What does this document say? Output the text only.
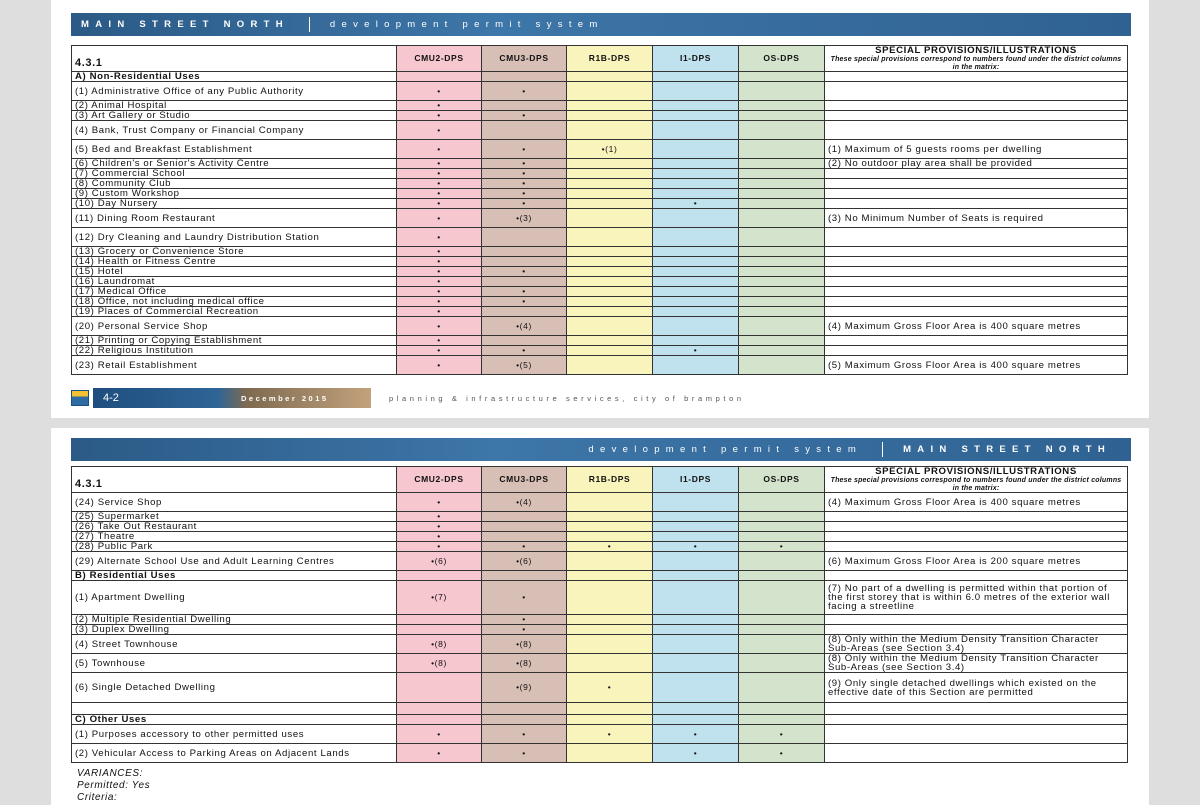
MAIN STREET NORTH	development permit system
4.3.1	CMU2-DPS	CMU3-DPS	R1B-DPS	I1-DPS	OS-DPS	SPECIAL PROVISIONS/ILLUSTRATIONS
These special provisions correspond to numbers found under the district columns in the matrix:

A) Non-Residential Uses						
(1) Administrative Office of any Public Authority	•	•				
(2) Animal Hospital	•					
(3) Art Gallery or Studio	•	•				
(4) Bank, Trust Company or Financial Company	•					
(5) Bed and Breakfast Establishment	•	•	•(1)			(1) Maximum of 5 guests rooms per dwelling
(6) Children's or Senior's Activity Centre	•	•				(2) No outdoor play area shall be provided
(7) Commercial School	•	•				
(8) Community Club	•	•				
(9) Custom Workshop	•	•				
(10) Day Nursery	•	•		•		
(11) Dining Room Restaurant	•	•(3)				(3) No Minimum Number of Seats is required
(12) Dry Cleaning and Laundry Distribution Station	•					
(13) Grocery or Convenience Store	•					
(14) Health or Fitness Centre	•					
(15) Hotel	•	•				
(16) Laundromat	•					
(17) Medical Office	•	•				
(18) Office, not including medical office	•	•				
(19) Places of Commercial Recreation	•					
(20) Personal Service Shop	•	•(4)				(4) Maximum Gross Floor Area is 400 square metres
(21) Printing or Copying Establishment	•					
(22) Religious Institution	•	•		•		
(23) Retail Establishment	•	•(5)				(5) Maximum Gross Floor Area is 400 square metres
4-2	December 2015	planning & infrastructure services, city of brampton
development permit system	MAIN STREET NORTH
4.3.1	CMU2-DPS	CMU3-DPS	R1B-DPS	I1-DPS	OS-DPS	SPECIAL PROVISIONS/ILLUSTRATIONS
These special provisions correspond to numbers found under the district columns in the matrix:

(24) Service Shop	•	•(4)				(4) Maximum Gross Floor Area is 400 square metres
(25) Supermarket	•					
(26) Take Out Restaurant	•					
(27) Theatre	•					
(28) Public Park	•	•	•	•	•	
(29) Alternate School Use and Adult Learning Centres	•(6)	•(6)				(6) Maximum Gross Floor Area is 200 square metres
B) Residential Uses						
(1) Apartment Dwelling	•(7)	•				(7) No part of a dwelling is permitted within that portion of the first storey that is within 6.0 metres of the exterior wall facing a streetline
(2) Multiple Residential Dwelling		•				
(3) Duplex Dwelling		•				
(4) Street Townhouse	•(8)	•(8)				(8) Only within the Medium Density Transition Character Sub-Areas (see Section 3.4)
(5) Townhouse	•(8)	•(8)				(8) Only within the Medium Density Transition Character Sub-Areas (see Section 3.4)
(6) Single Detached Dwelling		•(9)	•			(9) Only single detached dwellings which existed on the effective date of this Section are permitted

C) Other Uses						
(1) Purposes accessory to other permitted uses	•	•	•	•	•	
(2) Vehicular Access to Parking Areas on Adjacent Lands	•	•		•	•	
VARIANCES:
Permitted: Yes
Criteria:
